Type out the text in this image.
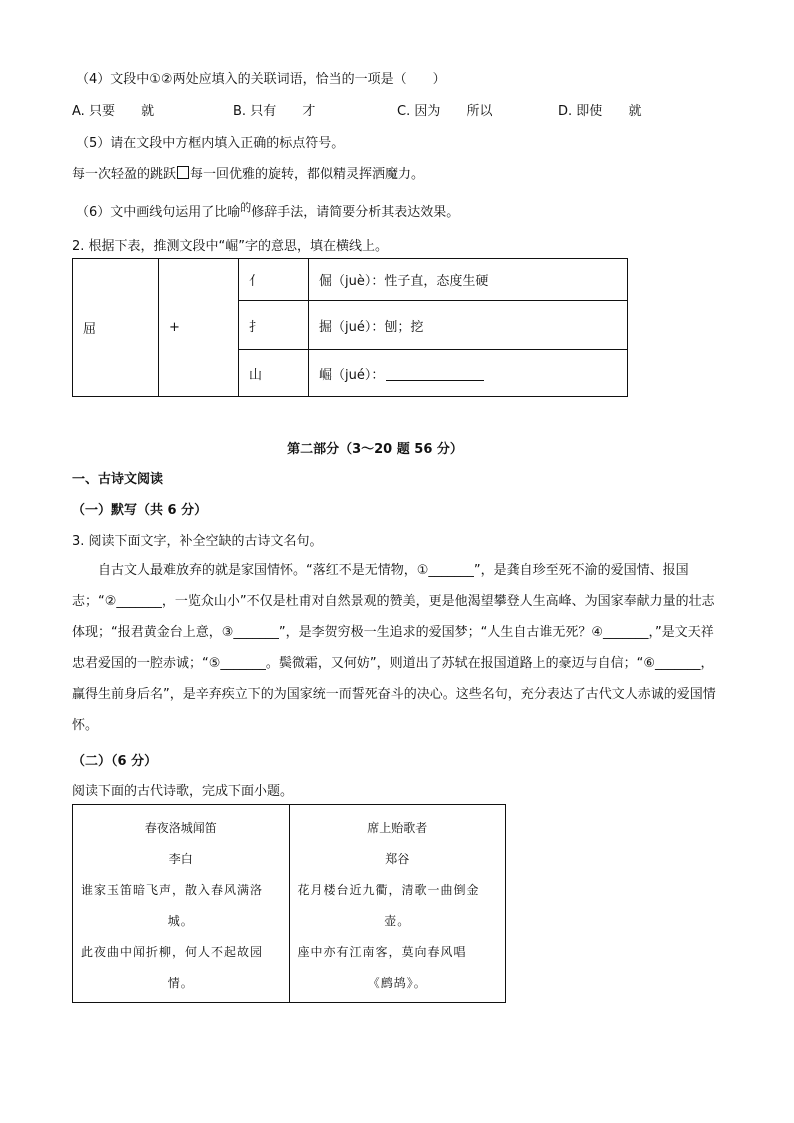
（4）文段中①②两处应填入的关联词语，恰当的一项是（　　）
A. 只要 就	B. 只有 才	C. 因为 所以	D. 即使 就
（5）请在文段中方框内填入正确的标点符号。
每一次轻盈的跳跃 每一回优雅的旋转，都似精灵挥洒魔力。
（6）文中画线句运用了比喻$^的$修辞手法，请简要分析其表达效果。
2. 根据下表，推测文段中“崛”字的意思，填在横线上。
屈	+	亻	倔（juè）：性子直，态度生硬
		扌	掘（jué）：刨；挖
		山	崛（jué）：
第二部分（3～20 题 56 分）
一、古诗文阅读
（一）默写（共 6 分）
3. 阅读下面文字，补全空缺的古诗文名句。
自古文人最难放弃的就是家国情怀。“落红不是无情物，①_______”，是龚自珍至死不渝的爱国情、报国志；“②_______，一览众山小”不仅是杜甫对自然景观的赞美，更是他渴望攀登人生高峰、为国家奉献力量的壮志体现；“报君黄金台上意，③_______”，是李贺穷极一生追求的爱国梦；“人生自古谁无死？④_______，”是文天祥忠君爱国的一腔赤诚；“⑤_______。鬓微霜，又何妨”，则道出了苏轼在报国道路上的豪迈与自信；“⑥_______，赢得生前身后名”，是辛弃疾立下的为国家统一而誓死奋斗的决心。这些名句，充分表达了古代文人赤诚的爱国情怀。
（二）（6 分）
阅读下面的古代诗歌，完成下面小题。
春夜洛城闻笛
李白
谁家玉笛暗飞声，散入春风满洛
城。
此夜曲中闻折柳，何人不起故园
情。
席上贻歌者
郑谷
花月楼台近九衢，清歌一曲倒金
壶。
座中亦有江南客，莫向春风唱
《鹧鸪》。
